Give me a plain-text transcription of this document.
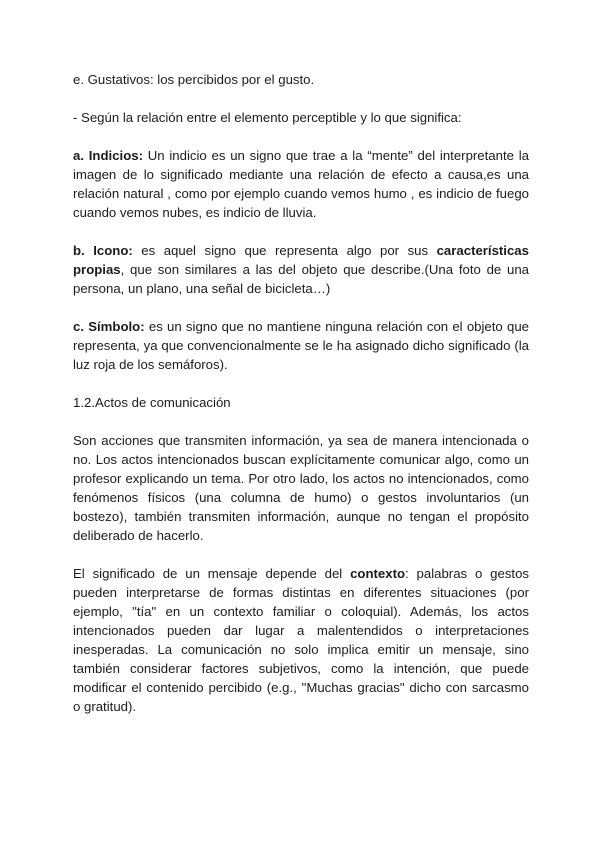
e. Gustativos: los percibidos por el gusto.

- Según la relación entre el elemento perceptible y lo que significa:

a. Indicios: Un indicio es un signo que trae a la “mente” del interpretante la imagen de lo significado mediante una relación de efecto a causa,es una relación natural , como por ejemplo cuando vemos humo , es indicio de fuego cuando vemos nubes, es indicio de lluvia.

b. Icono: es aquel signo que representa algo por sus características propias, que son similares a las del objeto que describe.(Una foto de una persona, un plano, una señal de bicicleta…)

c. Símbolo: es un signo que no mantiene ninguna relación con el objeto que representa, ya que convencionalmente se le ha asignado dicho significado (la luz roja de los semáforos).

1.2.Actos de comunicación

Son acciones que transmiten información, ya sea de manera intencionada o no. Los actos intencionados buscan explícitamente comunicar algo, como un profesor explicando un tema. Por otro lado, los actos no intencionados, como fenómenos físicos (una columna de humo) o gestos involuntarios (un bostezo), también transmiten información, aunque no tengan el propósito deliberado de hacerlo.

El significado de un mensaje depende del contexto: palabras o gestos pueden interpretarse de formas distintas en diferentes situaciones (por ejemplo, "tía" en un contexto familiar o coloquial). Además, los actos intencionados pueden dar lugar a malentendidos o interpretaciones inesperadas. La comunicación no solo implica emitir un mensaje, sino también considerar factores subjetivos, como la intención, que puede modificar el contenido percibido (e.g., "Muchas gracias" dicho con sarcasmo o gratitud).
